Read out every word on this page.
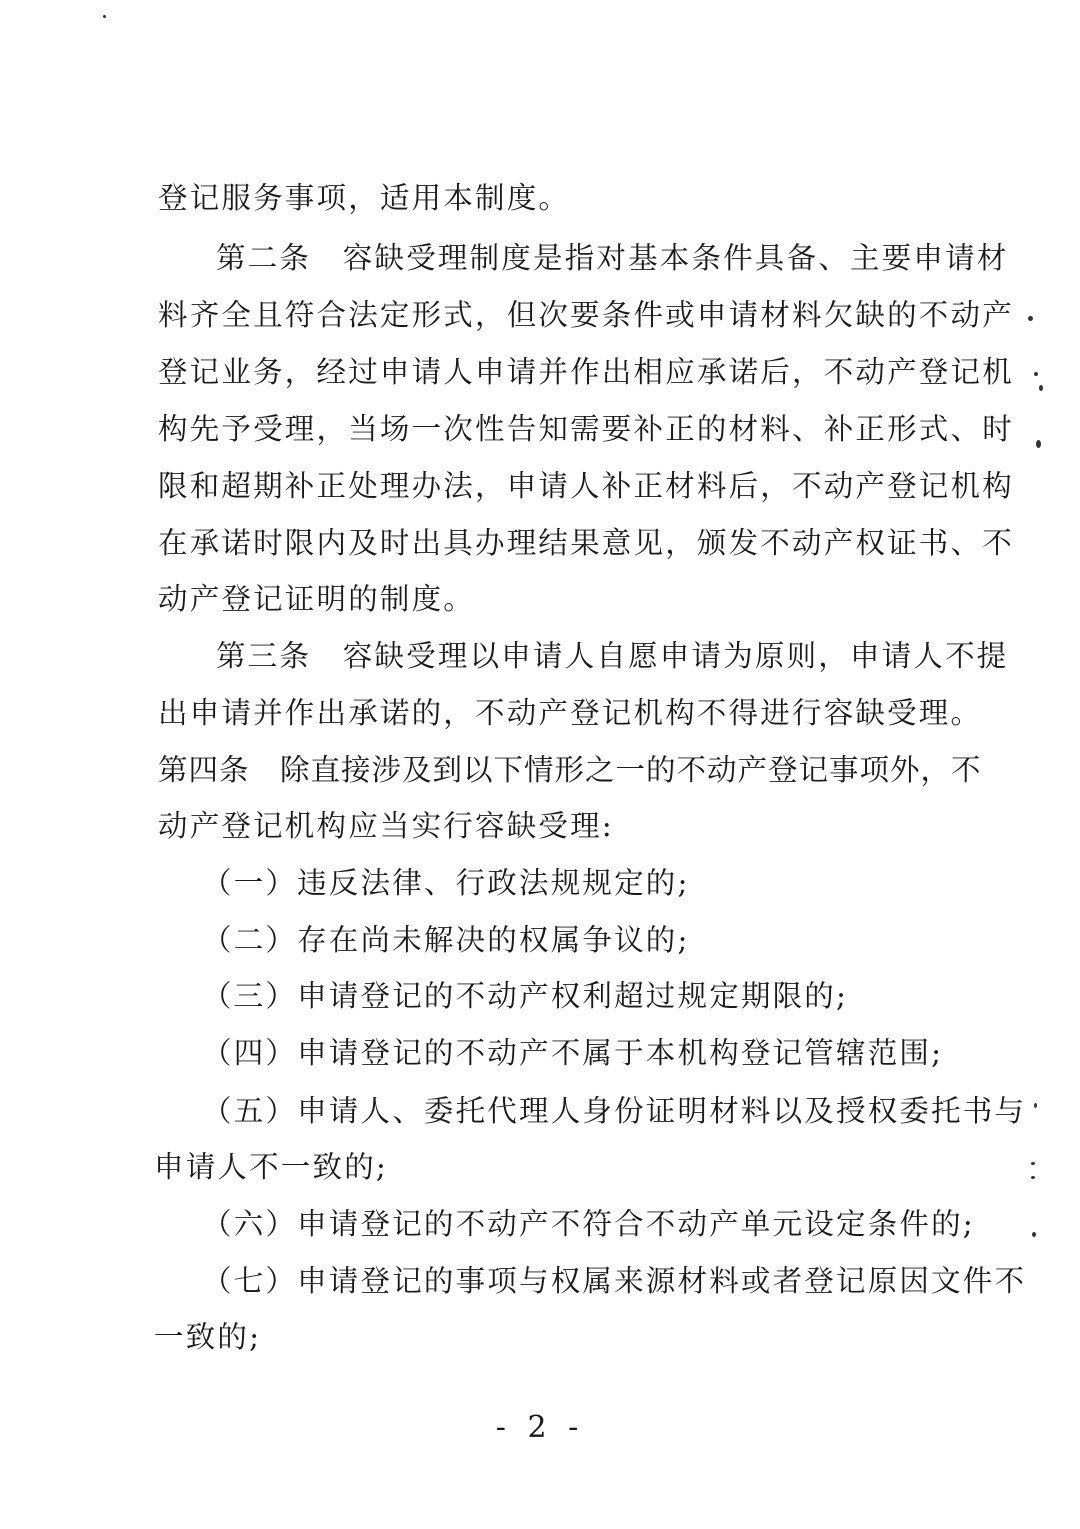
登记服务事项，适用本制度。
第二条　容缺受理制度是指对基本条件具备、主要申请材
料齐全且符合法定形式，但次要条件或申请材料欠缺的不动产
登记业务，经过申请人申请并作出相应承诺后，不动产登记机
构先予受理，当场一次性告知需要补正的材料、补正形式、时
限和超期补正处理办法，申请人补正材料后，不动产登记机构
在承诺时限内及时出具办理结果意见，颁发不动产权证书、不
动产登记证明的制度。
第三条　容缺受理以申请人自愿申请为原则，申请人不提
出申请并作出承诺的，不动产登记机构不得进行容缺受理。
第四条　除直接涉及到以下情形之一的不动产登记事项外，不
动产登记机构应当实行容缺受理:
（一）违反法律、行政法规规定的;
（二）存在尚未解决的权属争议的;
（三）申请登记的不动产权利超过规定期限的;
（四）申请登记的不动产不属于本机构登记管辖范围;
（五）申请人、委托代理人身份证明材料以及授权委托书与
申请人不一致的;
（六）申请登记的不动产不符合不动产单元设定条件的;
（七）申请登记的事项与权属来源材料或者登记原因文件不
一致的;
- 2 -
